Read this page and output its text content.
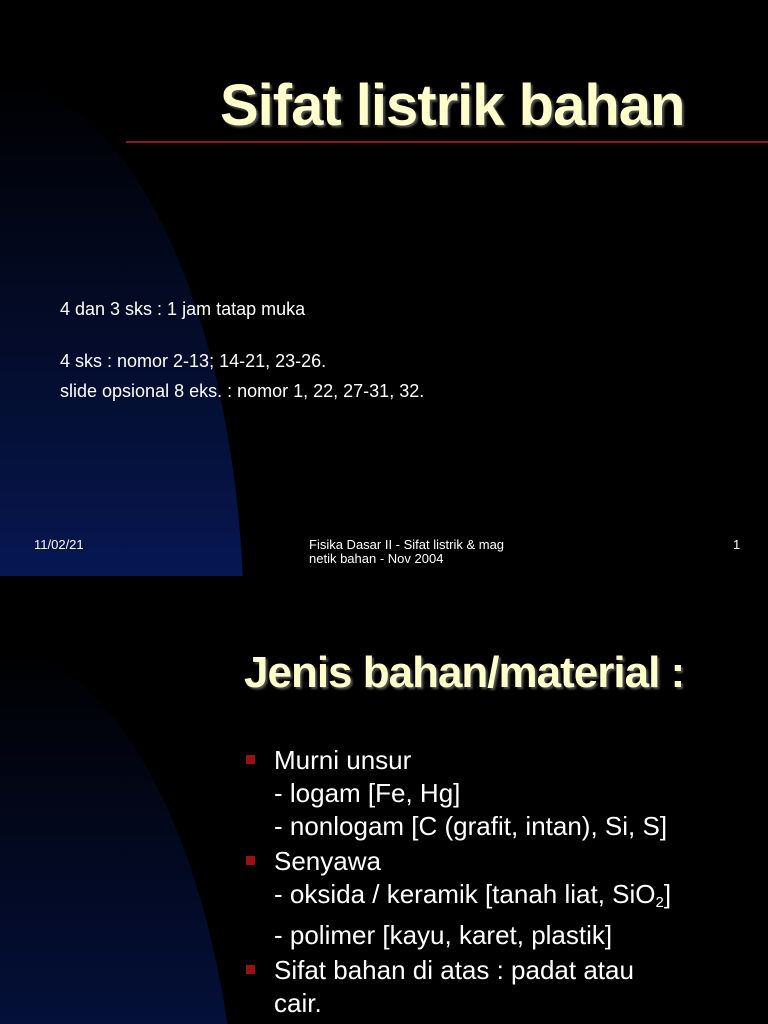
Sifat listrik bahan
4 dan 3 sks : 1 jam tatap muka
4 sks : nomor 2-13; 14-21, 23-26.
slide opsional 8 eks. : nomor 1, 22, 27-31, 32.
11/02/21	Fisika Dasar II - Sifat listrik & mag
netik bahan - Nov 2004
1
Jenis bahan/material :
Murni unsur
- logam [Fe, Hg]
- nonlogam [C (grafit, intan), Si, S]
Senyawa
- oksida / keramik [tanah liat, SiO$_2$]
- polimer [kayu, karet, plastik]
Sifat bahan di atas : padat atau
cair.
